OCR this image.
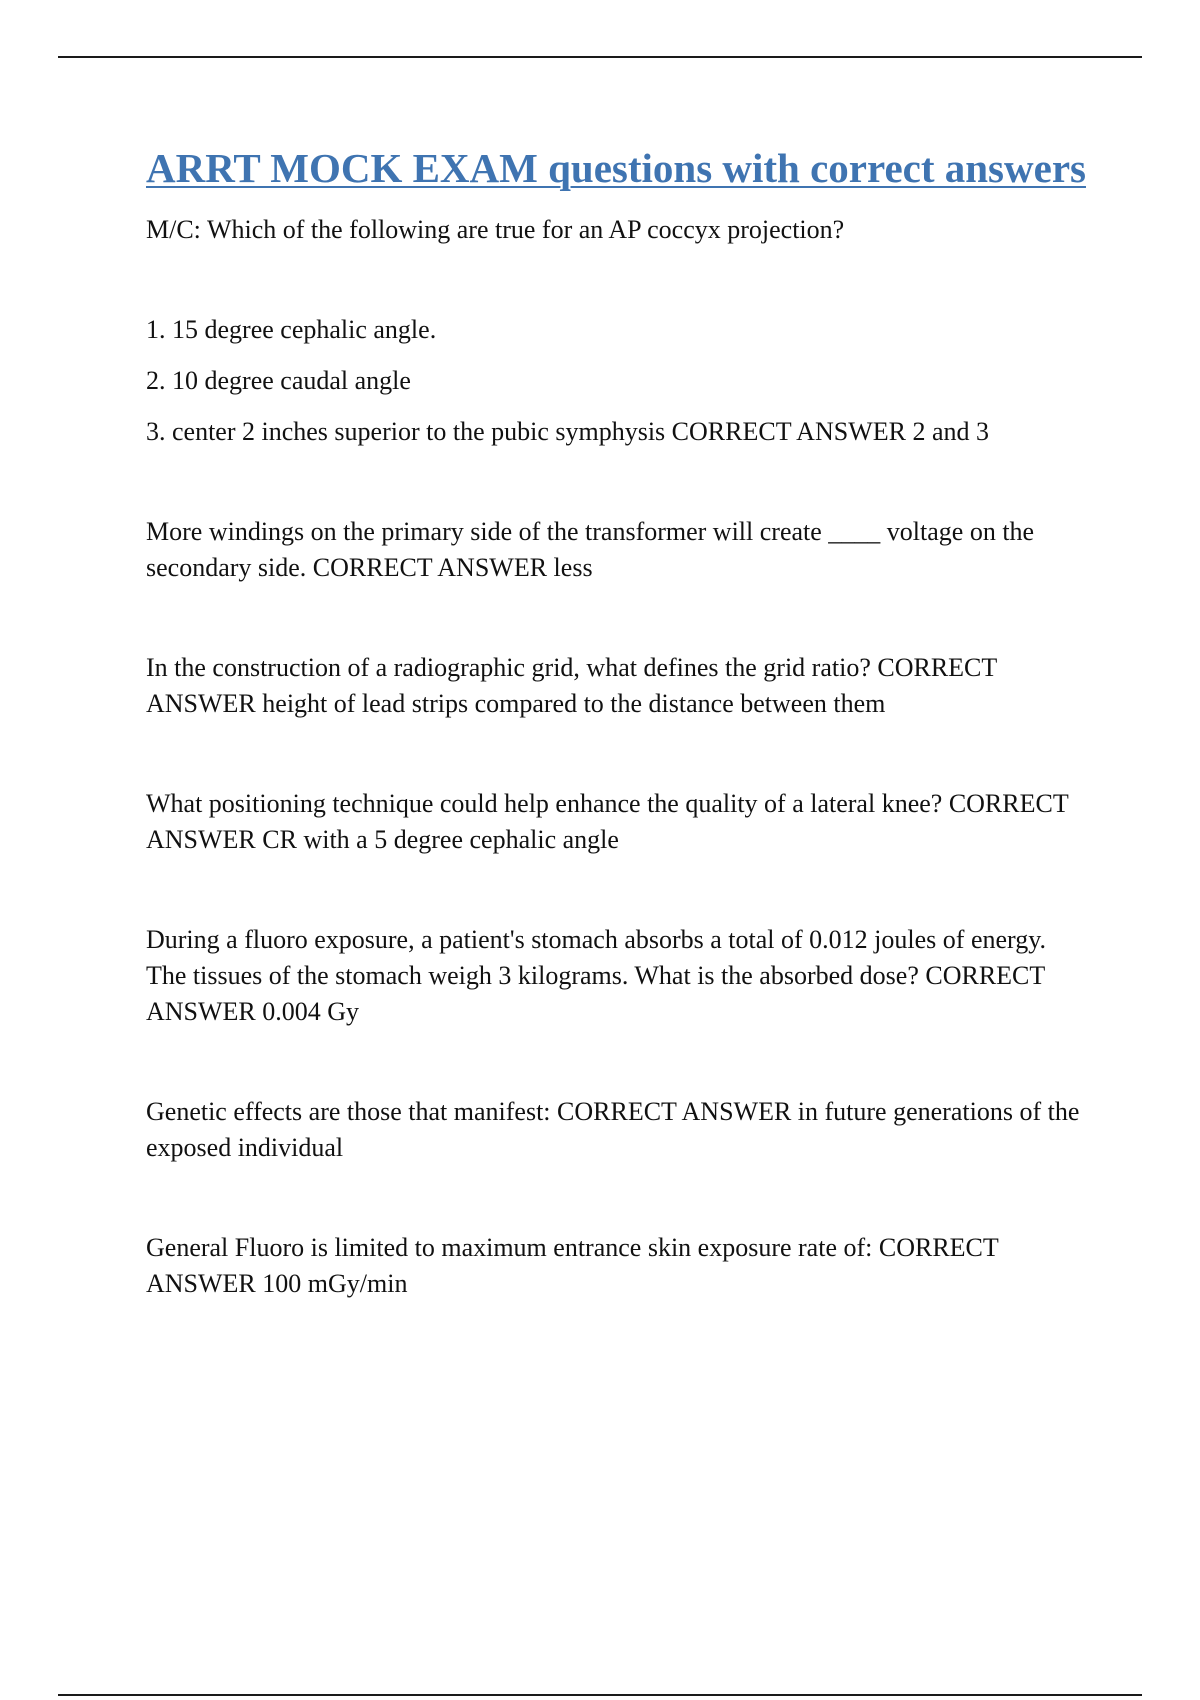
ARRT MOCK EXAM questions with correct answers

M/C: Which of the following are true for an AP coccyx projection?

1. 15 degree cephalic angle.

2. 10 degree caudal angle

3. center 2 inches superior to the pubic symphysis CORRECT ANSWER 2 and 3

More windings on the primary side of the transformer will create ____ voltage on the secondary side. CORRECT ANSWER less

In the construction of a radiographic grid, what defines the grid ratio? CORRECT ANSWER height of lead strips compared to the distance between them

What positioning technique could help enhance the quality of a lateral knee? CORRECT ANSWER CR with a 5 degree cephalic angle

During a fluoro exposure, a patient's stomach absorbs a total of 0.012 joules of energy. The tissues of the stomach weigh 3 kilograms. What is the absorbed dose? CORRECT ANSWER 0.004 Gy

Genetic effects are those that manifest: CORRECT ANSWER in future generations of the exposed individual

General Fluoro is limited to maximum entrance skin exposure rate of: CORRECT ANSWER 100 mGy/min
